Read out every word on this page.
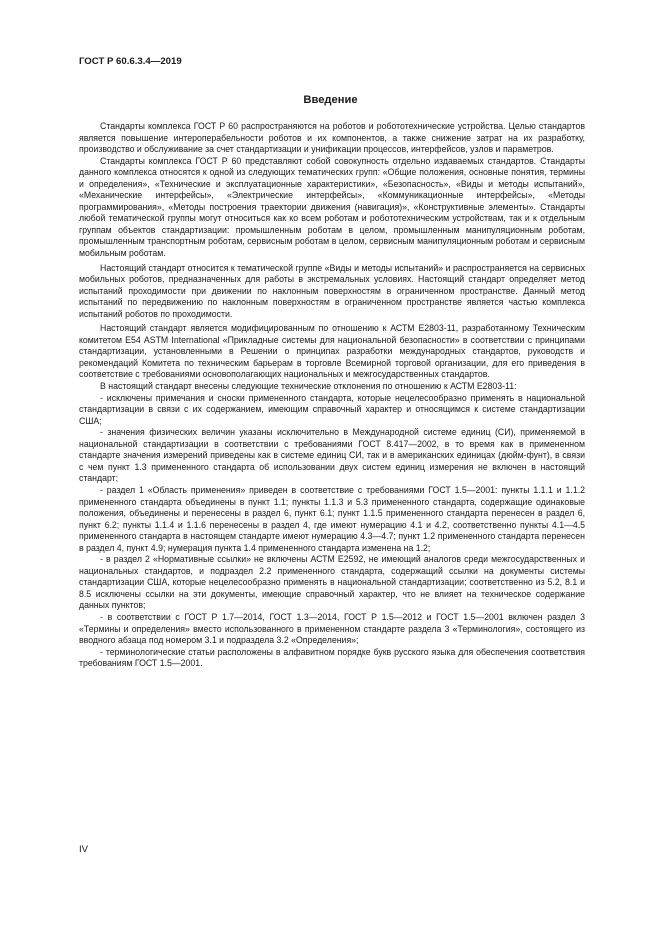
ГОСТ Р 60.6.3.4—2019
Введение

Стандарты комплекса ГОСТ Р 60 распространяются на роботов и робототехнические устройства. Целью стандартов является повышение интероперабельности роботов и их компонентов, а также снижение затрат на их разработку, производство и обслуживание за счет стандартизации и унификации процессов, интерфейсов, узлов и параметров.

Стандарты комплекса ГОСТ Р 60 представляют собой совокупность отдельно издаваемых стандартов. Стандарты данного комплекса относятся к одной из следующих тематических групп: «Общие положения, основные понятия, термины и определения», «Технические и эксплуатационные характеристики», «Безопасность», «Виды и методы испытаний», «Механические интерфейсы», «Электрические интерфейсы», «Коммуникационные интерфейсы», «Методы программирования», «Методы построения траектории движения (навигация)», «Конструктивные элементы». Стандарты любой тематической группы могут относиться как ко всем роботам и робототехническим устройствам, так и к отдельным группам объектов стандартизации: промышленным роботам в целом, промышленным манипуляционным роботам, промышленным транспортным роботам, сервисным роботам в целом, сервисным манипуляционным роботам и сервисным мобильным роботам.

Настоящий стандарт относится к тематической группе «Виды и методы испытаний» и распространяется на сервисных мобильных роботов, предназначенных для работы в экстремальных условиях. Настоящий стандарт определяет метод испытаний проходимости при движении по наклонным поверхностям в ограниченном пространстве. Данный метод испытаний по передвижению по наклонным поверхностям в ограниченном пространстве является частью комплекса испытаний роботов по проходимости.

Настоящий стандарт является модифицированным по отношению к АСТМ Е2803-11, разработанному Техническим комитетом Е54 ASTM International «Прикладные системы для национальной безопасности» в соответствии с принципами стандартизации, установленными в Решении о принципах разработки международных стандартов, руководств и рекомендаций Комитета по техническим барьерам в торговле Всемирной торговой организации, для его приведения в соответствие с требованиями основополагающих национальных и межгосударственных стандартов.

В настоящий стандарт внесены следующие технические отклонения по отношению к АСТМ Е2803-11:

- исключены примечания и сноски примененного стандарта, которые нецелесообразно применять в национальной стандартизации в связи с их содержанием, имеющим справочный характер и относящимся к системе стандартизации США;

- значения физических величин указаны исключительно в Международной системе единиц (СИ), применяемой в национальной стандартизации в соответствии с требованиями ГОСТ 8.417—2002, в то время как в примененном стандарте значения измерений приведены как в системе единиц СИ, так и в американских единицах (дюйм-фунт), в связи с чем пункт 1.3 примененного стандарта об использовании двух систем единиц измерения не включен в настоящий стандарт;

- раздел 1 «Область применения» приведен в соответствие с требованиями ГОСТ 1.5—2001: пункты 1.1.1 и 1.1.2 примененного стандарта объединены в пункт 1.1; пункты 1.1.3 и 5.3 примененного стандарта, содержащие одинаковые положения, объединены и перенесены в раздел 6, пункт 6.1; пункт 1.1.5 примененного стандарта перенесен в раздел 6, пункт 6.2; пункты 1.1.4 и 1.1.6 перенесены в раздел 4, где имеют нумерацию 4.1 и 4.2, соответственно пункты 4.1—4.5 примененного стандарта в настоящем стандарте имеют нумерацию 4.3—4.7; пункт 1.2 примененного стандарта перенесен в раздел 4, пункт 4.9; нумерация пункта 1.4 примененного стандарта изменена на 1.2;

- в раздел 2 «Нормативные ссылки» не включены АСТМ Е2592, не имеющий аналогов среди межгосударственных и национальных стандартов, и подраздел 2.2 примененного стандарта, содержащий ссылки на документы системы стандартизации США, которые нецелесообразно применять в национальной стандартизации; соответственно из 5.2, 8.1 и 8.5 исключены ссылки на эти документы, имеющие справочный характер, что не влияет на техническое содержание данных пунктов;

- в соответствии с ГОСТ Р 1.7—2014, ГОСТ 1.3—2014, ГОСТ Р 1.5—2012 и ГОСТ 1.5—2001 включен раздел 3 «Термины и определения» вместо использованного в примененном стандарте раздела 3 «Терминология», состоящего из вводного абзаца под номером 3.1 и подраздела 3.2 «Определения»;

- терминологические статьи расположены в алфавитном порядке букв русского языка для обеспечения соответствия требованиям ГОСТ 1.5—2001.

IV
